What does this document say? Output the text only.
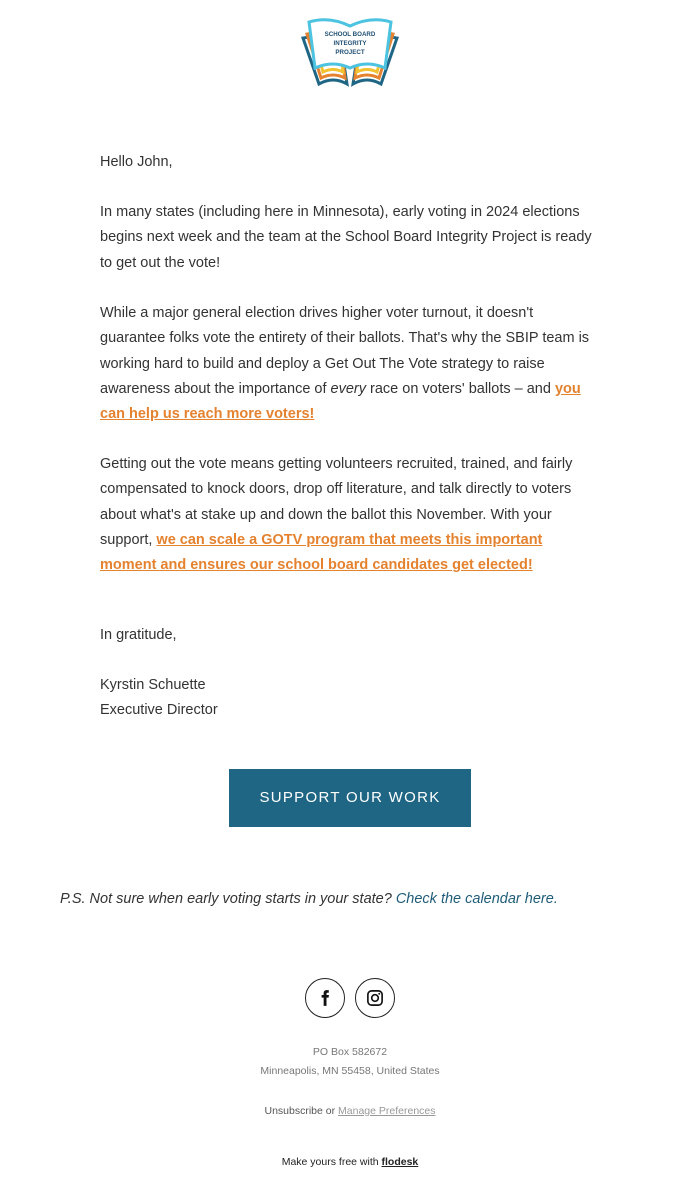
SCHOOL BOARD
INTEGRITY
PROJECT

Hello John,

In many states (including here in Minnesota), early voting in 2024 elections begins next week and the team at the School Board Integrity Project is ready to get out the vote!

While a major general election drives higher voter turnout, it doesn't guarantee folks vote the entirety of their ballots. That's why the SBIP team is working hard to build and deploy a Get Out The Vote strategy to raise awareness about the importance of every race on voters' ballots – and you can help us reach more voters!

Getting out the vote means getting volunteers recruited, trained, and fairly compensated to knock doors, drop off literature, and talk directly to voters about what's at stake up and down the ballot this November. With your support, we can scale a GOTV program that meets this important moment and ensures our school board candidates get elected!

In gratitude,

Kyrstin Schuette

Executive Director

SUPPORT OUR WORK

P.S. Not sure when early voting starts in your state? Check the calendar here.

PO Box 582672

Minneapolis, MN 55458, United States

Unsubscribe or Manage Preferences

Make yours free with flodesk
